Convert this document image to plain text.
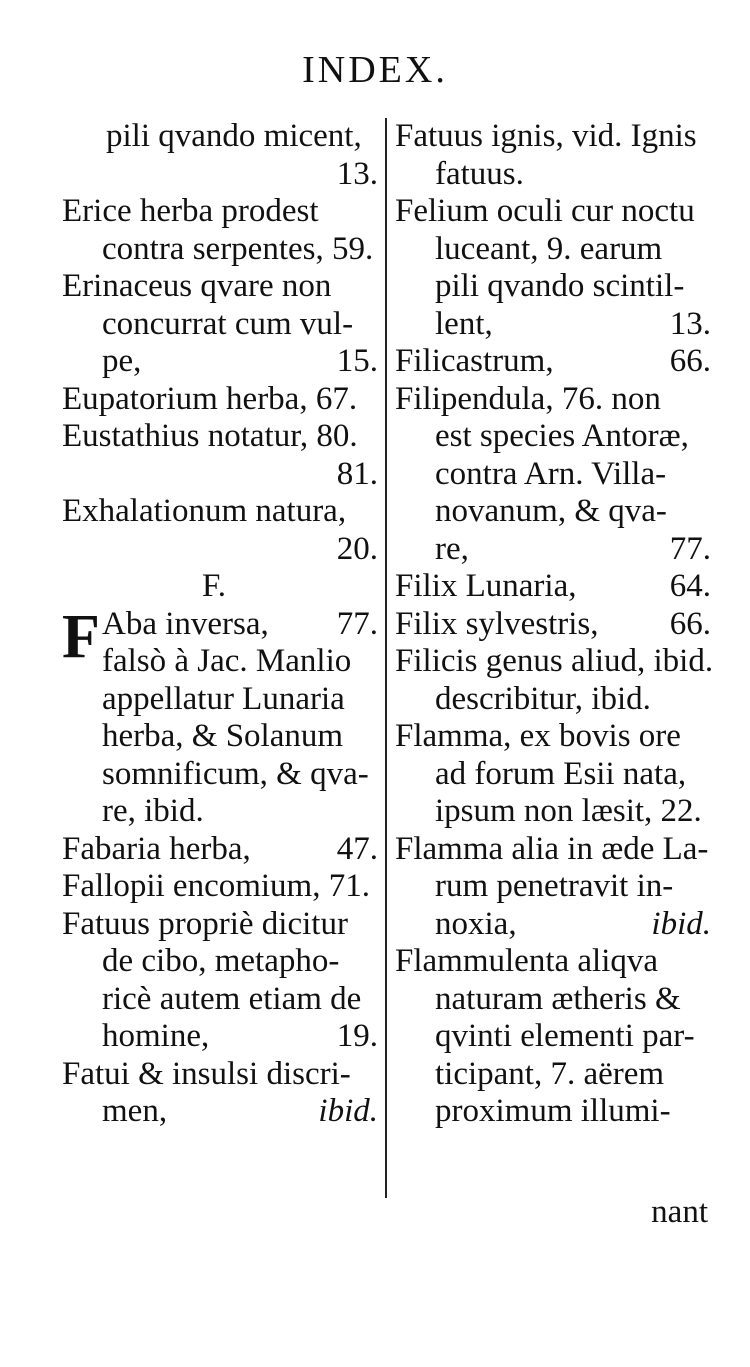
INDEX.
pili qvando micent,
13.
Erice herba prodest
contra serpentes, 59.
Erinaceus qvare non
concurrat cum vul-
pe,	15.
Eupatorium herba, 67.
Eustathius notatur, 80.
81.
Exhalationum natura,
20.
F.
Aba inversa, 77.
F falsò à Jac. Manlio
appellatur Lunaria
herba, & Solanum
somnificum, & qva-
re, ibid.
Fabaria herba,	47.
Fallopii encomium, 71.
Fatuus propriè dicitur
de cibo, metapho-
ricè autem etiam de
homine,	19.
Fatui & insulsi discri-
men,	ibid.
Fatuus ignis, vid. Ignis
fatuus.
Felium oculi cur noctu
luceant, 9. earum
pili qvando scintil-
lent,	13.
Filicastrum,	66.
Filipendula, 76. non
est species Antoræ,
contra Arn. Villa-
novanum, & qva-
re,	77.
Filix Lunaria,	64.
Filix sylvestris, 66.
Filicis genus aliud, ibid.
describitur, ibid.
Flamma, ex bovis ore
ad forum Esii nata,
ipsum non læsit, 22.
Flamma alia in æde La-
rum penetravit in-
noxia,	ibid.
Flammulenta aliqva
naturam ætheris &
qvinti elementi par-
ticipant, 7. aërem
proximum illumi-
nant
